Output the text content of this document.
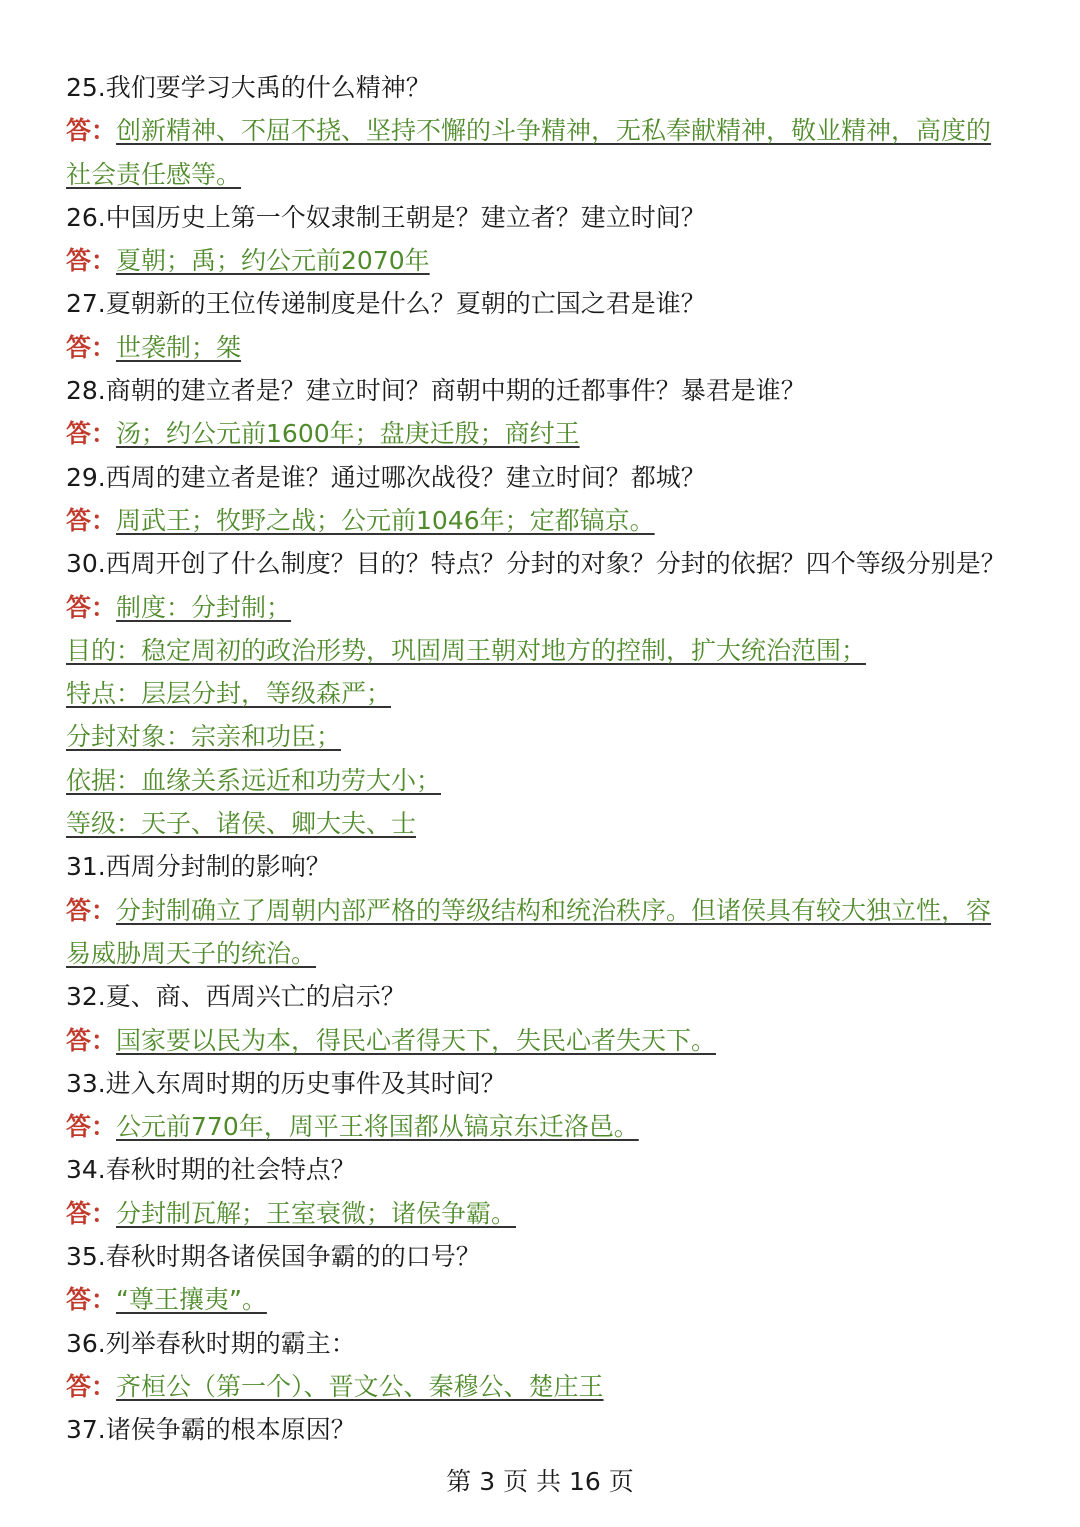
25.我们要学习大禹的什么精神？
答：创新精神、不屈不挠、坚持不懈的斗争精神，无私奉献精神，敬业精神，高度的
社会责任感等。
26.中国历史上第一个奴隶制王朝是？建立者？建立时间？
答：夏朝；禹；约公元前2070年
27.夏朝新的王位传递制度是什么？夏朝的亡国之君是谁？
答：世袭制；桀
28.商朝的建立者是？建立时间？商朝中期的迁都事件？暴君是谁？
答：汤；约公元前1600年；盘庚迁殷；商纣王
29.西周的建立者是谁？通过哪次战役？建立时间？都城？
答：周武王；牧野之战；公元前1046年；定都镐京。
30.西周开创了什么制度？目的？特点？分封的对象？分封的依据？四个等级分别是？
答：制度：分封制；
目的：稳定周初的政治形势，巩固周王朝对地方的控制，扩大统治范围；
特点：层层分封，等级森严；
分封对象：宗亲和功臣；
依据：血缘关系远近和功劳大小；
等级：天子、诸侯、卿大夫、士
31.西周分封制的影响？
答：分封制确立了周朝内部严格的等级结构和统治秩序。但诸侯具有较大独立性，容
易威胁周天子的统治。
32.夏、商、西周兴亡的启示？
答：国家要以民为本，得民心者得天下，失民心者失天下。
33.进入东周时期的历史事件及其时间？
答：公元前770年，周平王将国都从镐京东迁洛邑。
34.春秋时期的社会特点？
答：分封制瓦解；王室衰微；诸侯争霸。
35.春秋时期各诸侯国争霸的的口号？
答：“尊王攘夷”。
36.列举春秋时期的霸主：
答：齐桓公（第一个）、晋文公、秦穆公、楚庄王
37.诸侯争霸的根本原因？
第 3 页 共 16 页
